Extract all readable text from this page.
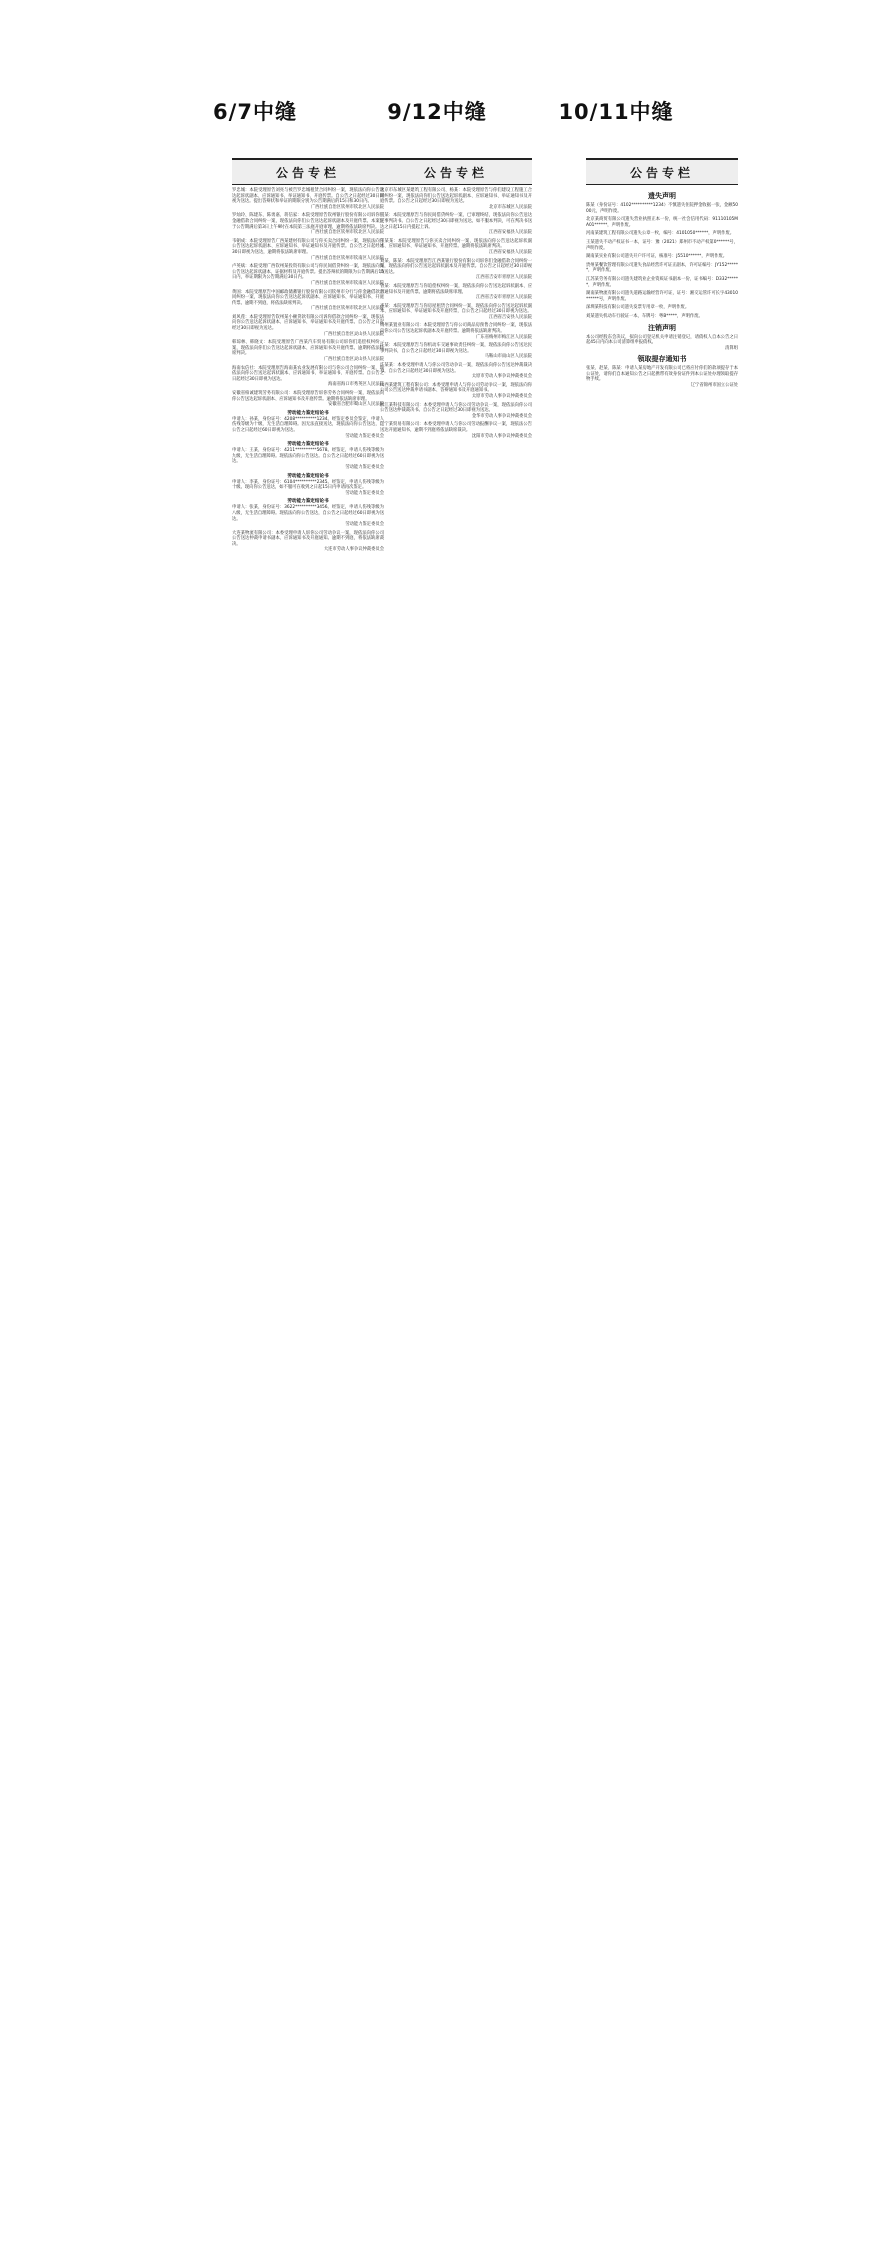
6/7中缝	9/12中缝	10/11中缝
公告专栏
罗忠城：本院受理原告刘亮与被告罗忠城租赁合同纠纷一案，现依法向你公告送达起诉状副本、应诉通知书、举证通知书、开庭传票。自公告之日起经过30日即视为送达。提出答辩状和举证的期限分别为公告期满后的15日和30日内。
广西壮族自治区钦州市钦北区人民法院
罗灿玲、陈建东、陈勇嘉、蒋信家：本院受理原告钦州银行股份有限公司诉你们金融借款合同纠纷一案，现依法向你们公告送达起诉状副本及开庭传票。本案定于公告期满后第3日上午9时在本院第三法庭开庭审理，逾期将依法缺席判决。
广西壮族自治区钦州市钦北区人民法院
韦朝成：本院受理原告广西某建材有限公司与你买卖合同纠纷一案，现依法向你公告送达起诉状副本、应诉通知书、举证通知书及开庭传票。自公告之日起经过30日即视为送达，逾期将依法缺席审理。
广西壮族自治区钦州市钦南区人民法院
卢英斌：本院受理广西钦州某投资有限公司与你民间借贷纠纷一案，现依法向你公告送达起诉状副本、证据材料及开庭传票。提出答辩状的期限为公告期满后15日内，举证期限为公告期满后30日内。
广西壮族自治区钦州市钦南区人民法院
黄国：本院受理原告中国邮政储蓄银行股份有限公司钦州市分行与你金融借款合同纠纷一案，现依法向你公告送达起诉状副本、应诉通知书、举证通知书、开庭传票。逾期不到庭，将依法缺席判决。
广西壮族自治区钦州市钦北区人民法院
刘风莲：本院受理原告钦州某小额贷款有限公司诉你借款合同纠纷一案，现依法向你公告送达起诉状副本、应诉通知书、举证通知书及开庭传票。自公告之日起经过30日即视为送达。
广西壮族自治区灵山县人民法院
韩琼林、韩晓文：本院受理原告广西某汽车贸易有限公司诉你们追偿权纠纷一案，现依法向你们公告送达起诉状副本、应诉通知书及开庭传票。逾期将依法缺席判决。
广西壮族自治区灵山县人民法院
海南农信社：本院受理原告海南某农业发展有限公司与你公司合同纠纷一案，现依法向你公告送达起诉状副本、应诉通知书、举证通知书、开庭传票。自公告之日起经过30日即视为送达。
海南省海口市秀英区人民法院
安徽省柏诚建筑劳务有限公司：本院受理原告诉你劳务合同纠纷一案，现依法向你公告送达起诉状副本、应诉通知书及开庭传票。逾期将依法缺席审理。
安徽省合肥市蜀山区人民法院
劳动能力鉴定结论书
申请人：孙某，身份证号：4208**********1234。经鉴定委员会鉴定，申请人伤残等级为十级，无生活自理障碍。因无法直接送达，现依法向你公告送达，自公告之日起经过60日即视为送达。
劳动能力鉴定委员会
劳动能力鉴定结论书
申请人：王某，身份证号：4211**********5678。经鉴定，申请人伤残等级为九级，无生活自理障碍。现依法向你公告送达。自公告之日起经过60日即视为送达。
劳动能力鉴定委员会
劳动能力鉴定结论书
申请人：李某，身份证号：6104**********2345。经鉴定，申请人伤残等级为十级。现向你公告送达，如不服可在收到之日起15日内申请再次鉴定。
劳动能力鉴定委员会
劳动能力鉴定结论书
申请人：张某，身份证号：3622**********3456。经鉴定，申请人伤残等级为八级，无生活自理障碍。现依法向你公告送达，自公告之日起经过60日即视为送达。
劳动能力鉴定委员会
大连某物流有限公司：本委受理申请人诉你公司劳动争议一案，现依法向你公司公告送达仲裁申请书副本、应诉通知书及开庭通知。逾期不到庭，将依法缺席裁决。
大连市劳动人事争议仲裁委员会
公告专栏
北京市东城区某建筑工程有限公司、杨某：本院受理原告与你们建设工程施工合同纠纷一案，现依法向你们公告送达起诉状副本、应诉通知书、举证通知书及开庭传票。自公告之日起经过30日即视为送达。
北京市东城区人民法院
王某：本院受理原告与你民间借贷纠纷一案，已审理终结，现依法向你公告送达民事判决书。自公告之日起经过30日即视为送达。如不服本判决，可在判决书送达之日起15日内提起上诉。
江西省安福县人民法院
王某某：本院受理原告与你买卖合同纠纷一案，现依法向你公告送达起诉状副本、应诉通知书、举证通知书、开庭传票。逾期将依法缺席判决。
江西省安福县人民法院
刘某、陈某：本院受理原告江西某银行股份有限公司诉你们金融借款合同纠纷一案，现依法向你们公告送达起诉状副本及开庭传票。自公告之日起经过30日即视为送达。
江西省吉安市青原区人民法院
曾某：本院受理原告与你追偿权纠纷一案，现依法向你公告送达起诉状副本、应诉通知书及开庭传票。逾期将依法缺席审理。
江西省吉安市青原区人民法院
李某：本院受理原告与你房屋租赁合同纠纷一案，现依法向你公告送达起诉状副本、应诉通知书、举证通知书及开庭传票，自公告之日起经过30日即视为送达。
江西省吉安县人民法院
梅州某置业有限公司：本院受理原告与你公司商品房预售合同纠纷一案，现依法向你公司公告送达起诉状副本及开庭传票。逾期将依法缺席判决。
广东省梅州市梅江区人民法院
许某：本院受理原告与你机动车交通事故责任纠纷一案，现依法向你公告送达民事判决书，自公告之日起经过30日即视为送达。
马鞍山市雨山区人民法院
许某某：本委受理申请人与你公司劳动争议一案，现依法向你公告送达仲裁裁决书，自公告之日起经过30日即视为送达。
太原市劳动人事争议仲裁委员会
山西某建筑工程有限公司：本委受理申请人与你公司劳动争议一案，现依法向你公司公告送达仲裁申请书副本、答辩通知书及开庭通知书。
太原市劳动人事争议仲裁委员会
浙江某科技有限公司：本委受理申请人与你公司劳动争议一案，现依法向你公司公告送达仲裁裁决书。自公告之日起经过30日即视为送达。
金华市劳动人事争议仲裁委员会
辽宁某贸易有限公司：本委受理申请人与你公司劳动报酬争议一案，现依法公告送达开庭通知书，逾期不到庭将依法缺席裁决。
沈阳市劳动人事争议仲裁委员会
公告专栏
遗失声明
陈某（身份证号：4102**********1234）不慎遗失住院押金收据一张，金额5000元，声明作废。
北京某商贸有限公司遗失营业执照正本一份，统一社会信用代码：91110105MA01******，声明作废。
河南某建筑工程有限公司遗失公章一枚，编号：4101050******，声明作废。
王某遗失不动产权证书一本，证号：豫（2021）郑州市不动产权第0******号，声明作废。
湖南某实业有限公司遗失开户许可证，核准号：J5510******，声明作废。
贵州某餐饮管理有限公司遗失食品经营许可证正副本，许可证编号：JY152******，声明作废。
江苏某劳务有限公司遗失建筑业企业资质证书副本一份，证书编号：D332******，声明作废。
湖南某物流有限公司遗失道路运输经营许可证，证号：湘交运管许可长字43010******号，声明作废。
深圳某科技有限公司遗失发票专用章一枚，声明作废。
刘某遗失机动车行驶证一本，车牌号：粤B*****，声明作废。
注销声明
本公司经股东会决议，拟向公司登记机关申请注销登记，请债权人自本公告之日起45日内向本公司清算组申报债权。
清算组
领取提存通知书
张某、赵某、陈某：申请人某房地产开发有限公司已将应付你们的款项提存于本公证处，请你们自本通知公告之日起携带有效身份证件到本公证处办理领取提存物手续。
辽宁省锦州市国立公证处
